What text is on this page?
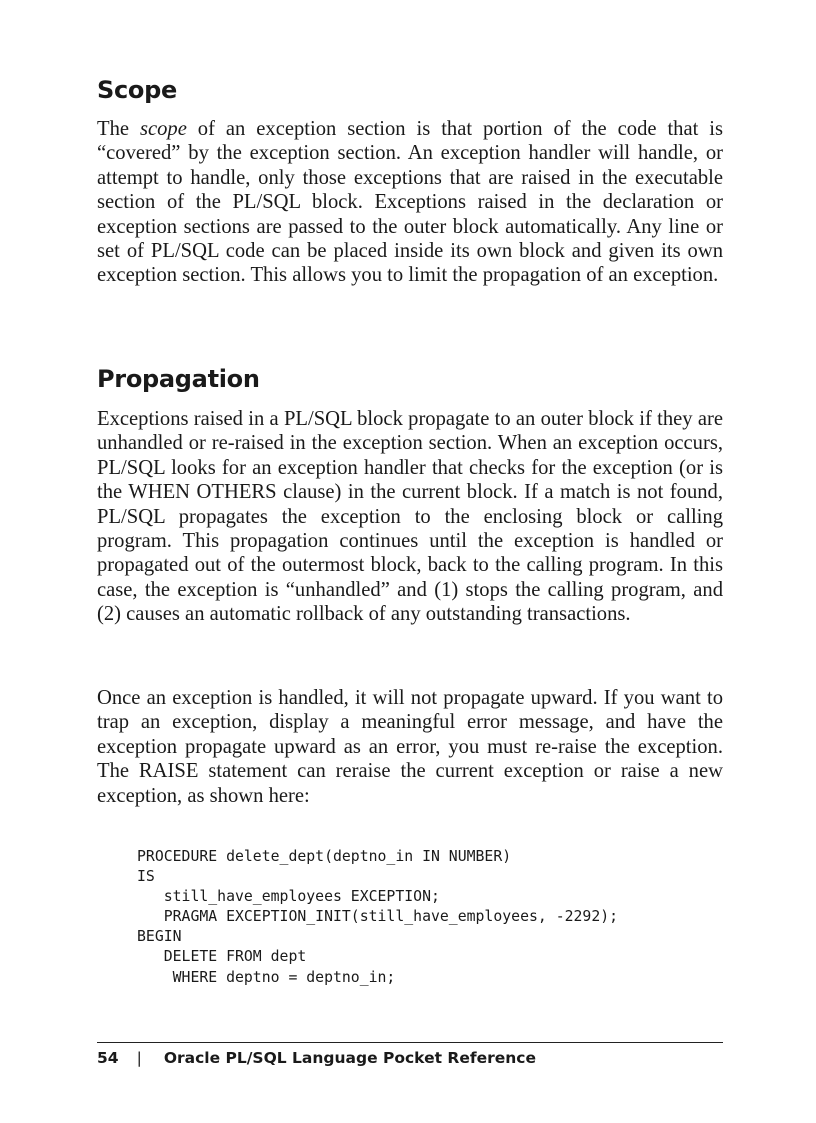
Scope

The scope of an exception section is that portion of the code that is “covered” by the exception section. An exception handler will handle, or attempt to handle, only those exceptions that are raised in the executable section of the PL/SQL block. Exceptions raised in the declaration or exception sections are passed to the outer block automatically. Any line or set of PL/SQL code can be placed inside its own block and given its own exception section. This allows you to limit the propagation of an exception.

Propagation

Exceptions raised in a PL/SQL block propagate to an outer block if they are unhandled or re-raised in the exception section. When an exception occurs, PL/SQL looks for an exception handler that checks for the exception (or is the WHEN OTHERS clause) in the current block. If a match is not found, PL/SQL propagates the exception to the enclosing block or calling program. This propagation continues until the exception is handled or propagated out of the outermost block, back to the calling program. In this case, the exception is “unhandled” and (1) stops the calling program, and (2) causes an automatic rollback of any outstanding transactions.

Once an exception is handled, it will not propagate upward. If you want to trap an exception, display a meaningful error message, and have the exception propagate upward as an error, you must re-raise the exception. The RAISE statement can reraise the current exception or raise a new exception, as shown here:

PROCEDURE delete_dept(deptno_in IN NUMBER)
IS
still_have_employees EXCEPTION;
PRAGMA EXCEPTION_INIT(still_have_employees, -2292);
BEGIN
DELETE FROM dept
WHERE deptno = deptno_in;
54 | Oracle PL/SQL Language Pocket Reference
